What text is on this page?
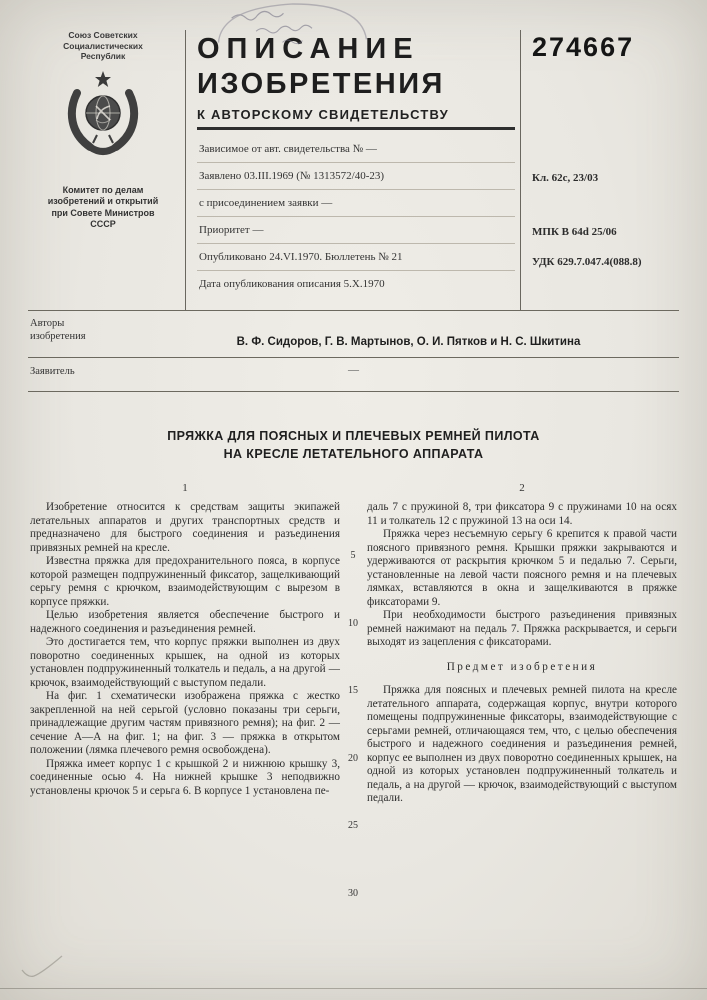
Союз Советских
Социалистических
Республик
Комитет по делам
изобретений и открытий
при Совете Министров
СССР
ОПИСАНИЕ
ИЗОБРЕТЕНИЯ
К АВТОРСКОМУ СВИДЕТЕЛЬСТВУ
Зависимое от авт. свидетельства № —
Заявлено 03.III.1969 (№ 1313572/40-23)
с присоединением заявки —
Приоритет —
Опубликовано 24.VI.1970. Бюллетень № 21
Дата опубликования описания 5.X.1970
274667
Кл. 62с, 23/03
МПК В 64d 25/06
УДК 629.7.047.4(088.8)
Авторы
изобретения	В. Ф. Сидоров, Г. В. Мартынов, О. И. Пятков и Н. С. Шкитина
Заявитель	—
ПРЯЖКА ДЛЯ ПОЯСНЫХ И ПЛЕЧЕВЫХ РЕМНЕЙ ПИЛОТА
НА КРЕСЛЕ ЛЕТАТЕЛЬНОГО АППАРАТА
1	2
5
10
15
20
25
30

Изобретение относится к средствам защиты экипажей летательных аппаратов и других транспортных средств и предназначено для быстрого соединения и разъединения привязных ремней на кресле.

Известна пряжка для предохранительного пояса, в корпусе которой размещен подпружиненный фиксатор, защелкивающий серьгу ремня с крючком, взаимодействующим с вырезом в корпусе пряжки.

Целью изобретения является обеспечение быстрого и надежного соединения и разъединения ремней.

Это достигается тем, что корпус пряжки выполнен из двух поворотно соединенных крышек, на одной из которых установлен подпружиненный толкатель и педаль, а на другой — крючок, взаимодействующий с выступом педали.

На фиг. 1 схематически изображена пряжка с жестко закрепленной на ней серьгой (условно показаны три серьги, принадлежащие другим частям привязного ремня); на фиг. 2 — сечение А—А на фиг. 1; на фиг. 3 — пряжка в открытом положении (лямка плечевого ремня освобождена).

Пряжка имеет корпус 1 с крышкой 2 и нижнюю крышку 3, соединенные осью 4. На нижней крышке 3 неподвижно установлены крючок 5 и серьга 6. В корпусе 1 установлена пе-

даль 7 с пружиной 8, три фиксатора 9 с пружинами 10 на осях 11 и толкатель 12 с пружиной 13 на оси 14.

Пряжка через несъемную серьгу 6 крепится к правой части поясного привязного ремня. Крышки пряжки закрываются и удерживаются от раскрытия крючком 5 и педалью 7. Серьги, установленные на левой части поясного ремня и на плечевых лямках, вставляются в окна и защелкиваются в пряжке фиксаторами 9.

При необходимости быстрого разъединения привязных ремней нажимают на педаль 7. Пряжка раскрывается, и серьги выходят из зацепления с фиксаторами.

Предмет изобретения

Пряжка для поясных и плечевых ремней пилота на кресле летательного аппарата, содержащая корпус, внутри которого помещены подпружиненные фиксаторы, взаимодействующие с серьгами ремней, отличающаяся тем, что, с целью обеспечения быстрого и надежного соединения и разъединения ремней, корпус ее выполнен из двух поворотно соединенных крышек, на одной из которых установлен подпружиненный толкатель и педаль, а на другой — крючок, взаимодействующий с выступом педали.
